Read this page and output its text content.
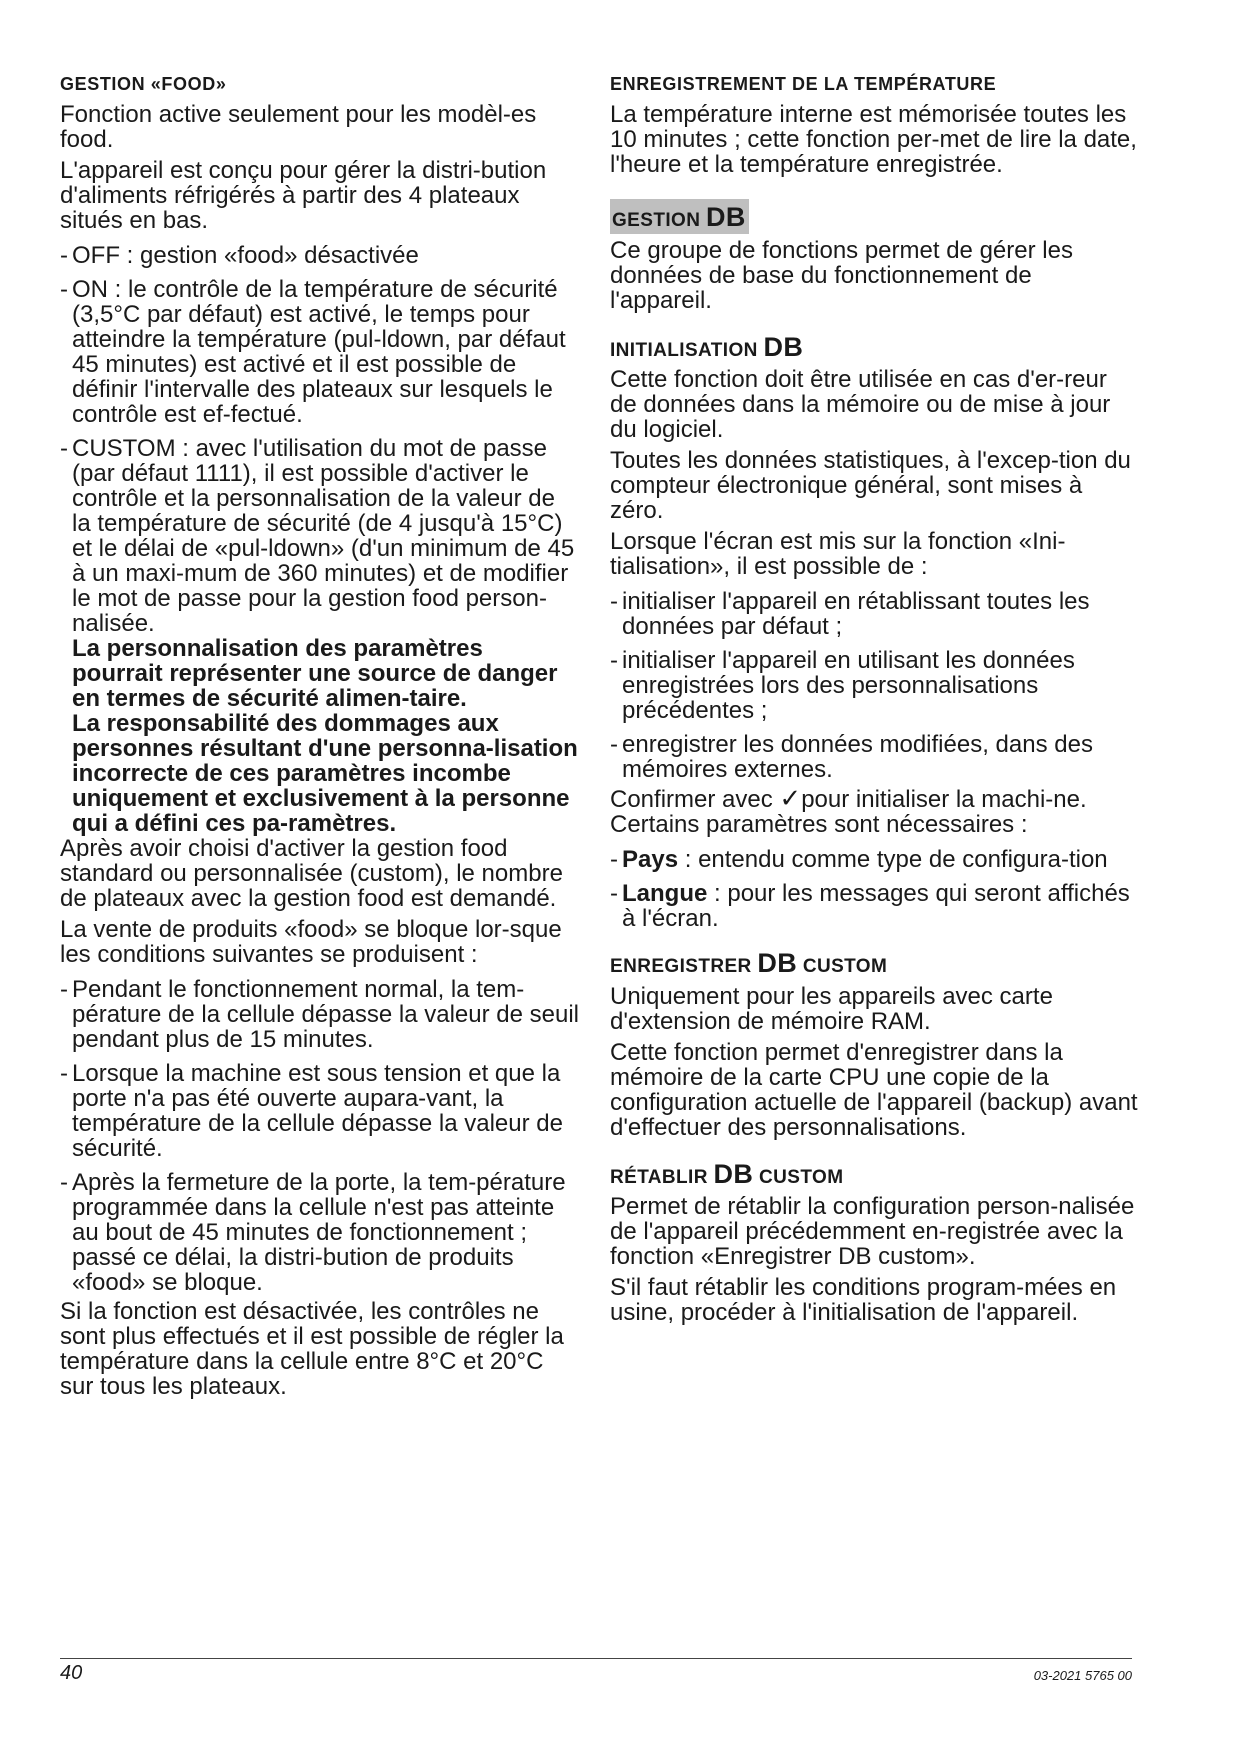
GESTION «FOOD»

Fonction active seulement pour les modèl-es food.

L'appareil est conçu pour gérer la distri-bution d'aliments réfrigérés à partir des 4 plateaux situés en bas.

- OFF : gestion «food» désactivée
- ON : le contrôle de la température de sécurité (3,5°C par défaut) est activé, le temps pour atteindre la température (pul-ldown, par défaut 45 minutes) est activé et il est possible de définir l'intervalle des plateaux sur lesquels le contrôle est ef-fectué.
- CUSTOM : avec l'utilisation du mot de passe (par défaut 1111), il est possible d'activer le contrôle et la personnalisation de la valeur de la température de sécurité (de 4 jusqu'à 15°C) et le délai de «pul-ldown» (d'un minimum de 45 à un maxi-mum de 360 minutes) et de modifier le mot de passe pour la gestion food person-nalisée.
La personnalisation des paramètres pourrait représenter une source de danger en termes de sécurité alimen-taire.
La responsabilité des dommages aux personnes résultant d'une personna-lisation incorrecte de ces paramètres incombe uniquement et exclusivement à la personne qui a défini ces pa-ramètres.

Après avoir choisi d'activer la gestion food standard ou personnalisée (custom), le nombre de plateaux avec la gestion food est demandé.

La vente de produits «food» se bloque lor-sque les conditions suivantes se produisent :

- Pendant le fonctionnement normal, la tem-pérature de la cellule dépasse la valeur de seuil pendant plus de 15 minutes.
- Lorsque la machine est sous tension et que la porte n'a pas été ouverte aupara-vant, la température de la cellule dépasse la valeur de sécurité.
- Après la fermeture de la porte, la tem-pérature programmée dans la cellule n'est pas atteinte au bout de 45 minutes de fonctionnement ; passé ce délai, la distri-bution de produits «food» se bloque.

Si la fonction est désactivée, les contrôles ne sont plus effectués et il est possible de régler la température dans la cellule entre 8°C et 20°C sur tous les plateaux.

ENREGISTREMENT DE LA TEMPÉRATURE

La température interne est mémorisée toutes les 10 minutes ; cette fonction per-met de lire la date, l'heure et la température enregistrée.

GESTION DB

Ce groupe de fonctions permet de gérer les données de base du fonctionnement de l'appareil.

INITIALISATION DB

Cette fonction doit être utilisée en cas d'er-reur de données dans la mémoire ou de mise à jour du logiciel.

Toutes les données statistiques, à l'excep-tion du compteur électronique général, sont mises à zéro.

Lorsque l'écran est mis sur la fonction «Ini-tialisation», il est possible de :

- initialiser l'appareil en rétablissant toutes les données par défaut ;
- initialiser l'appareil en utilisant les données enregistrées lors des personnalisations précédentes ;
- enregistrer les données modifiées, dans des mémoires externes.

Confirmer avec ✓pour initialiser la machi-ne. Certains paramètres sont nécessaires :

- Pays : entendu comme type de configura-tion
- Langue : pour les messages qui seront affichés à l'écran.
ENREGISTRER DB CUSTOM

Uniquement pour les appareils avec carte d'extension de mémoire RAM.

Cette fonction permet d'enregistrer dans la mémoire de la carte CPU une copie de la configuration actuelle de l'appareil (backup) avant d'effectuer des personnalisations.

RÉTABLIR DB CUSTOM

Permet de rétablir la configuration person-nalisée de l'appareil précédemment en-registrée avec la fonction «Enregistrer DB custom».

S'il faut rétablir les conditions program-mées en usine, procéder à l'initialisation de l'appareil.

40	03-2021 5765 00
